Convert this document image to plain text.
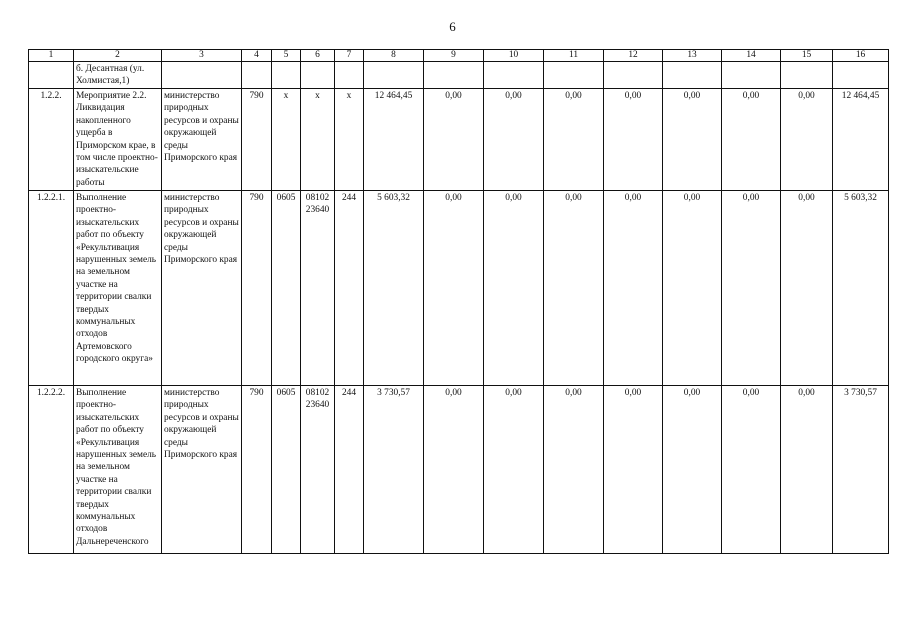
6
1	2	3	4	5	6	7	8	9	10	11	12	13	14	15	16
	б. Десантная (ул. Холмистая,1)														
1.2.2.	Мероприятие 2.2. Ликвидация накопленного ущерба в Приморском крае, в том числе проектно-изыскательские работы	министерство природных ресурсов и охраны окружающей среды Приморского края	790	х	х	х	12 464,45	0,00	0,00	0,00	0,00	0,00	0,00	0,00	12 464,45
1.2.2.1.	Выполнение проектно-изыскательских работ по объекту «Рекультивация нарушенных земель на земельном участке на территории свалки твердых коммунальных отходов Артемовского городского округа»	министерство природных ресурсов и охраны окружающей среды Приморского края	790	0605	08102 23640	244	5 603,32	0,00	0,00	0,00	0,00	0,00	0,00	0,00	5 603,32
1.2.2.2.	Выполнение проектно-изыскательских работ по объекту «Рекультивация нарушенных земель на земельном участке на территории свалки твердых коммунальных отходов Дальнереченского	министерство природных ресурсов и охраны окружающей среды Приморского края	790	0605	08102 23640	244	3 730,57	0,00	0,00	0,00	0,00	0,00	0,00	0,00	3 730,57
